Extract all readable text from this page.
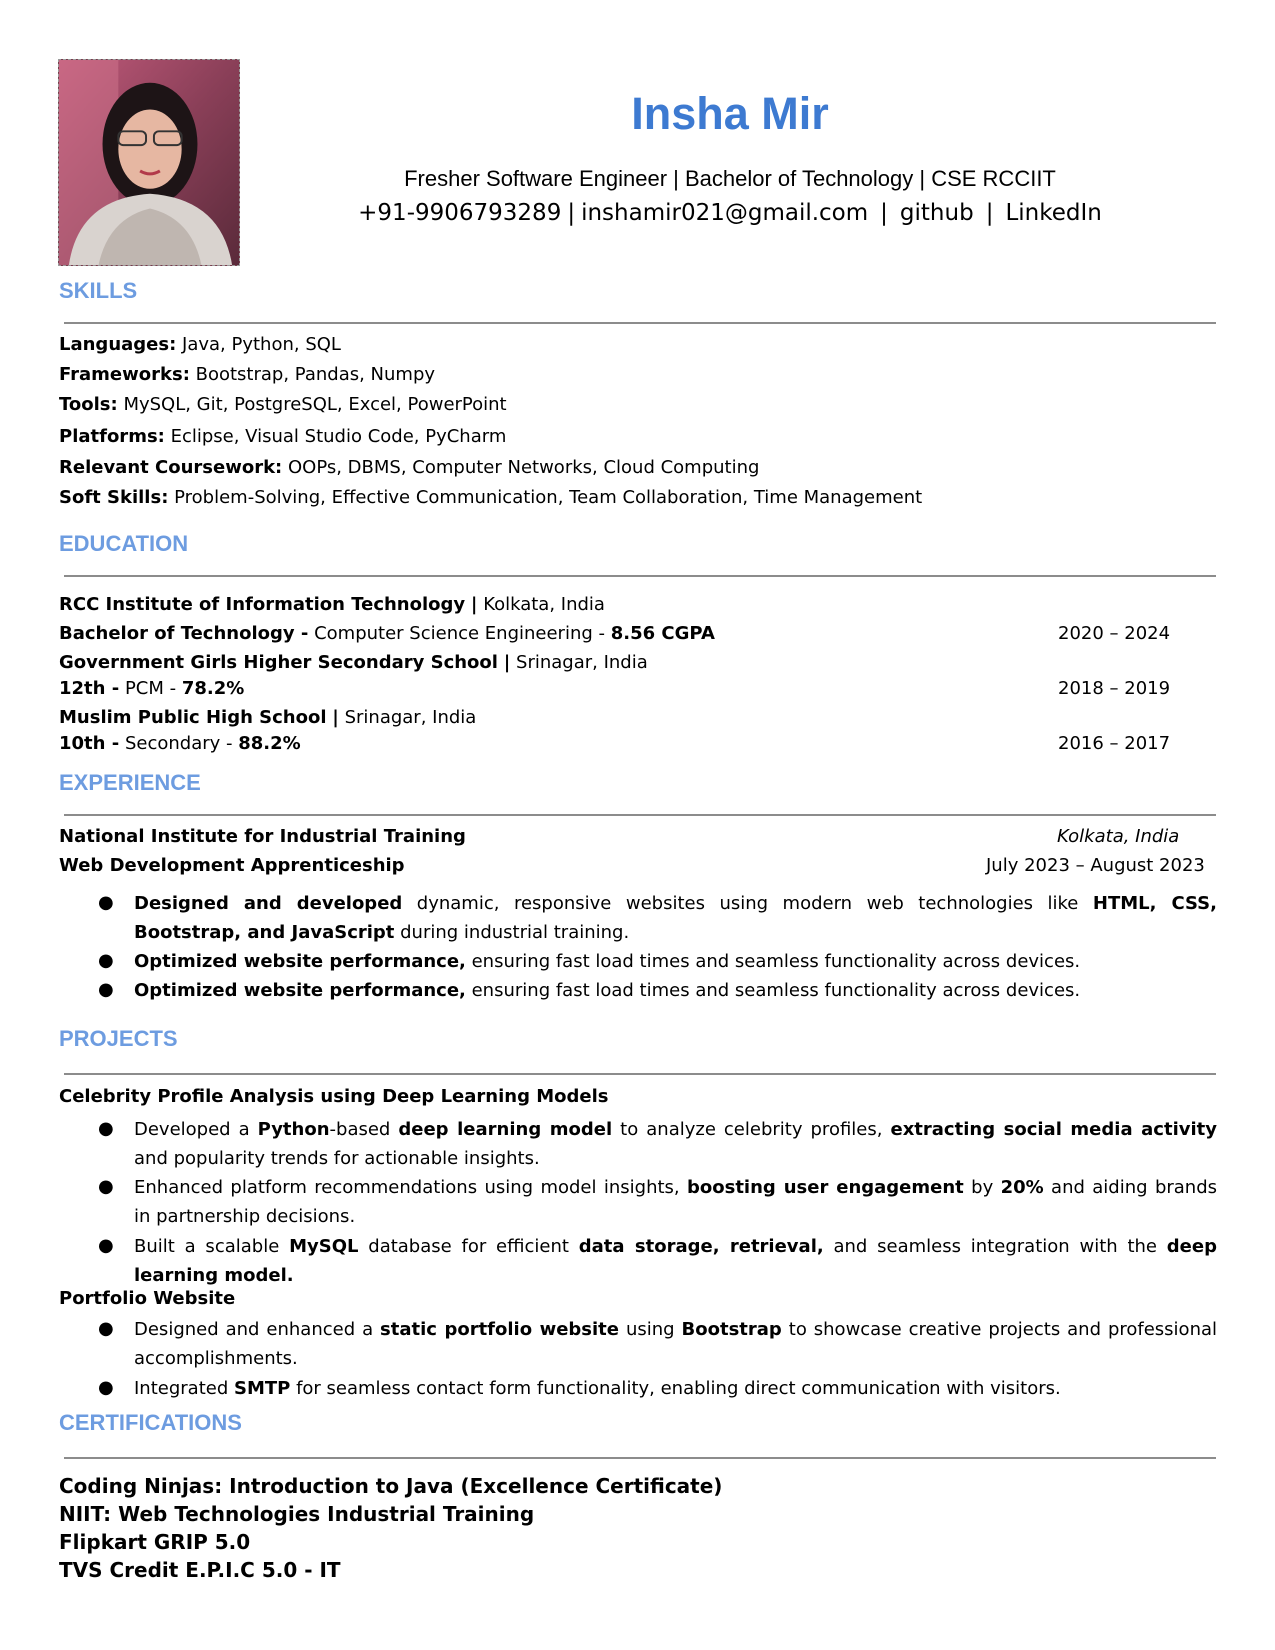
Insha Mir
Fresher Software Engineer | Bachelor of Technology | CSE RCCIIT
+91-9906793289 | inshamir021@gmail.com | github | LinkedIn
SKILLS
Languages: Java, Python, SQL
Frameworks: Bootstrap, Pandas, Numpy
Tools: MySQL, Git, PostgreSQL, Excel, PowerPoint
Platforms: Eclipse, Visual Studio Code, PyCharm
Relevant Coursework: OOPs, DBMS, Computer Networks, Cloud Computing
Soft Skills: Problem-Solving, Effective Communication, Team Collaboration, Time Management
EDUCATION
RCC Institute of Information Technology | Kolkata, India
Bachelor of Technology - Computer Science Engineering - 8.56 CGPA	2020 – 2024
Government Girls Higher Secondary School | Srinagar, India
12th - PCM - 78.2%	2018 – 2019
Muslim Public High School | Srinagar, India
10th - Secondary - 88.2%	2016 – 2017
EXPERIENCE
National Institute for Industrial Training	Kolkata, India
Web Development Apprenticeship	July 2023 – August 2023
● Designed and developed dynamic, responsive websites using modern web technologies like HTML, CSS, Bootstrap, and JavaScript during industrial training.
● Optimized website performance, ensuring fast load times and seamless functionality across devices.
● Optimized website performance, ensuring fast load times and seamless functionality across devices.
PROJECTS
Celebrity Profile Analysis using Deep Learning Models
● Developed a Python-based deep learning model to analyze celebrity profiles, extracting social media activity and popularity trends for actionable insights.
● Enhanced platform recommendations using model insights, boosting user engagement by 20% and aiding brands in partnership decisions.
● Built a scalable MySQL database for efficient data storage, retrieval, and seamless integration with the deep learning model.
Portfolio Website
● Designed and enhanced a static portfolio website using Bootstrap to showcase creative projects and professional accomplishments.
● Integrated SMTP for seamless contact form functionality, enabling direct communication with visitors.
CERTIFICATIONS
Coding Ninjas: Introduction to Java (Excellence Certificate)
NIIT: Web Technologies Industrial Training
Flipkart GRIP 5.0
TVS Credit E.P.I.C 5.0 - IT
